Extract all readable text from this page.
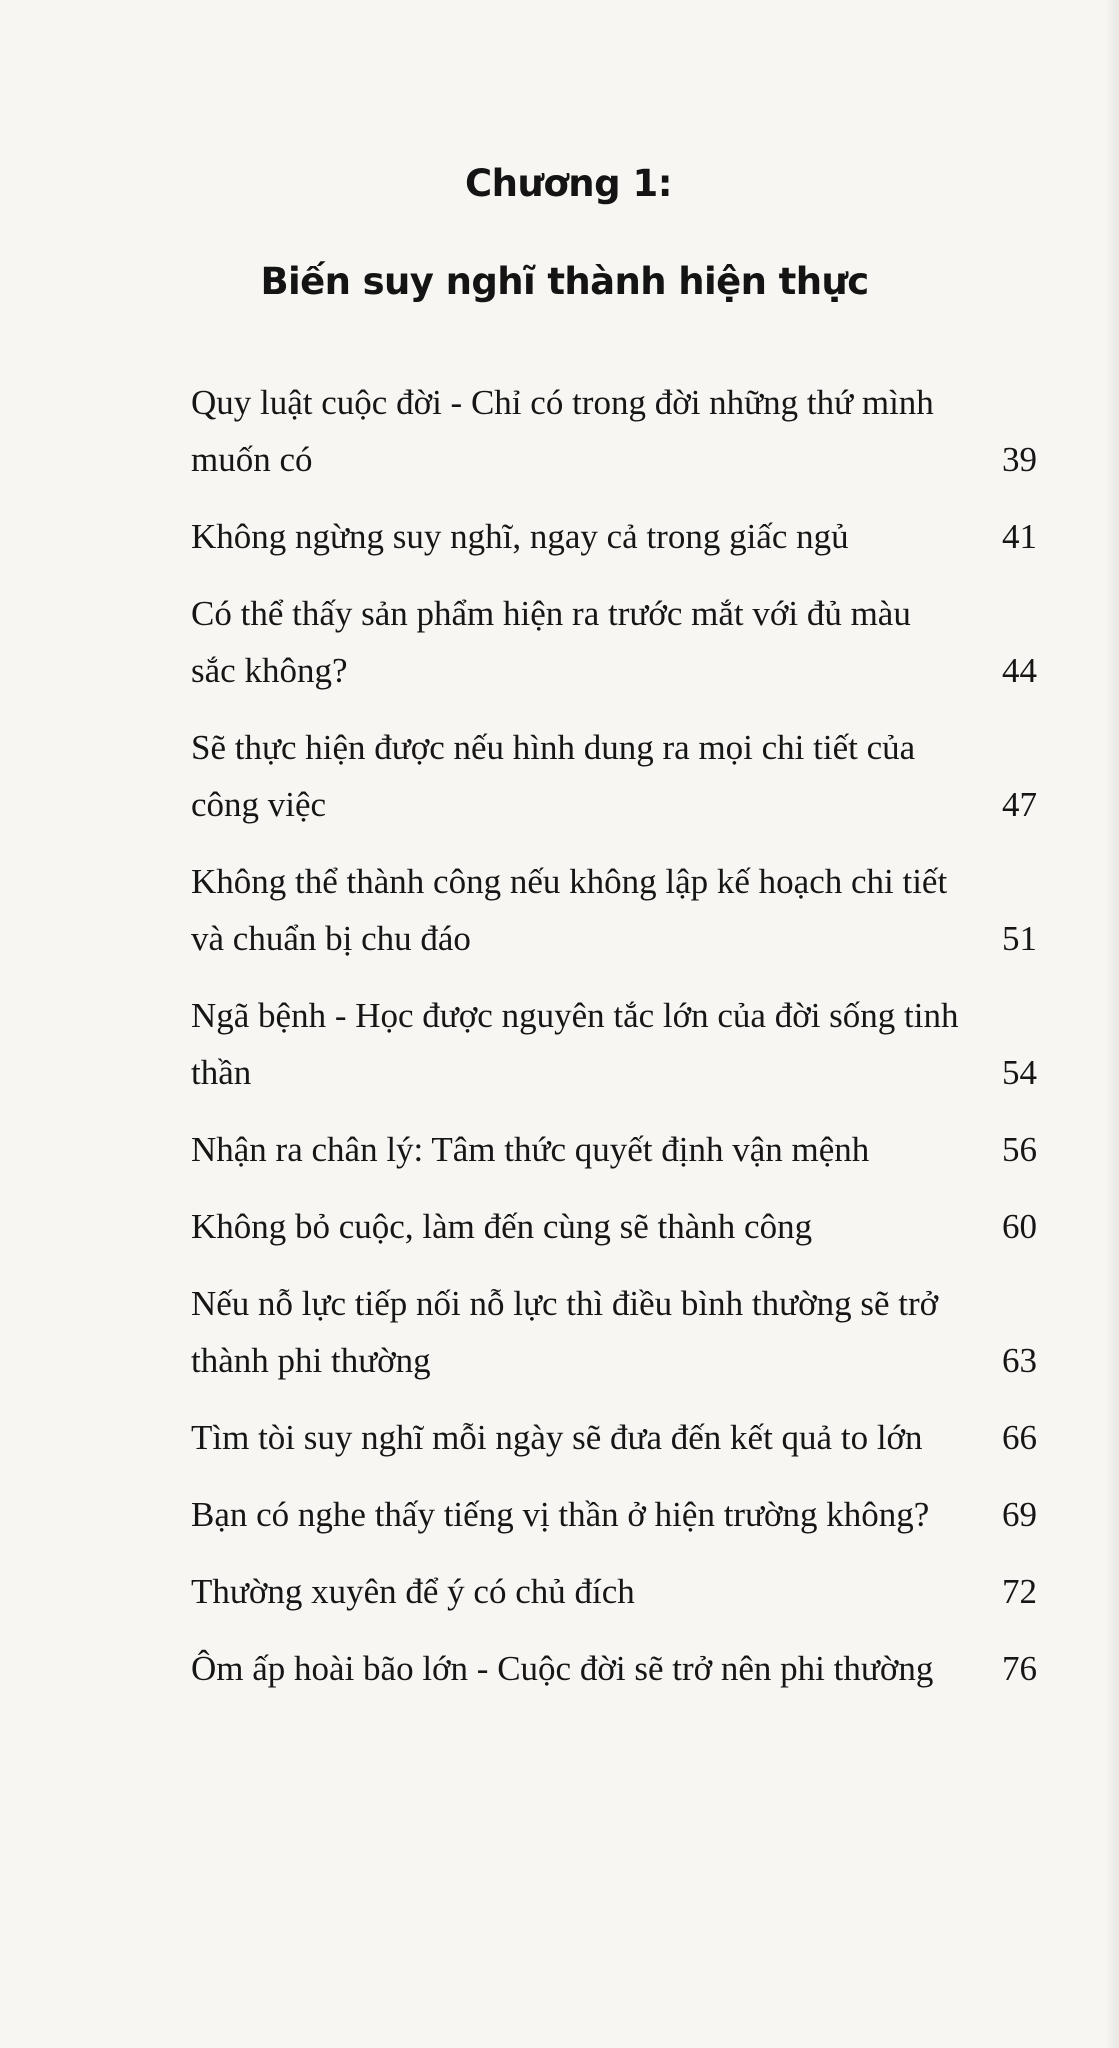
Chương 1:
Biến suy nghĩ thành hiện thực
Quy luật cuộc đời - Chỉ có trong đời những thứ mình muốn có	39
Không ngừng suy nghĩ, ngay cả trong giấc ngủ	41
Có thể thấy sản phẩm hiện ra trước mắt với đủ màu sắc không?	44
Sẽ thực hiện được nếu hình dung ra mọi chi tiết của công việc	47
Không thể thành công nếu không lập kế hoạch chi tiết và chuẩn bị chu đáo	51
Ngã bệnh - Học được nguyên tắc lớn của đời sống tinh thần	54
Nhận ra chân lý: Tâm thức quyết định vận mệnh	56
Không bỏ cuộc, làm đến cùng sẽ thành công	60
Nếu nỗ lực tiếp nối nỗ lực thì điều bình thường sẽ trở thành phi thường	63
Tìm tòi suy nghĩ mỗi ngày sẽ đưa đến kết quả to lớn	66
Bạn có nghe thấy tiếng vị thần ở hiện trường không?	69
Thường xuyên để ý có chủ đích	72
Ôm ấp hoài bão lớn - Cuộc đời sẽ trở nên phi thường	76
